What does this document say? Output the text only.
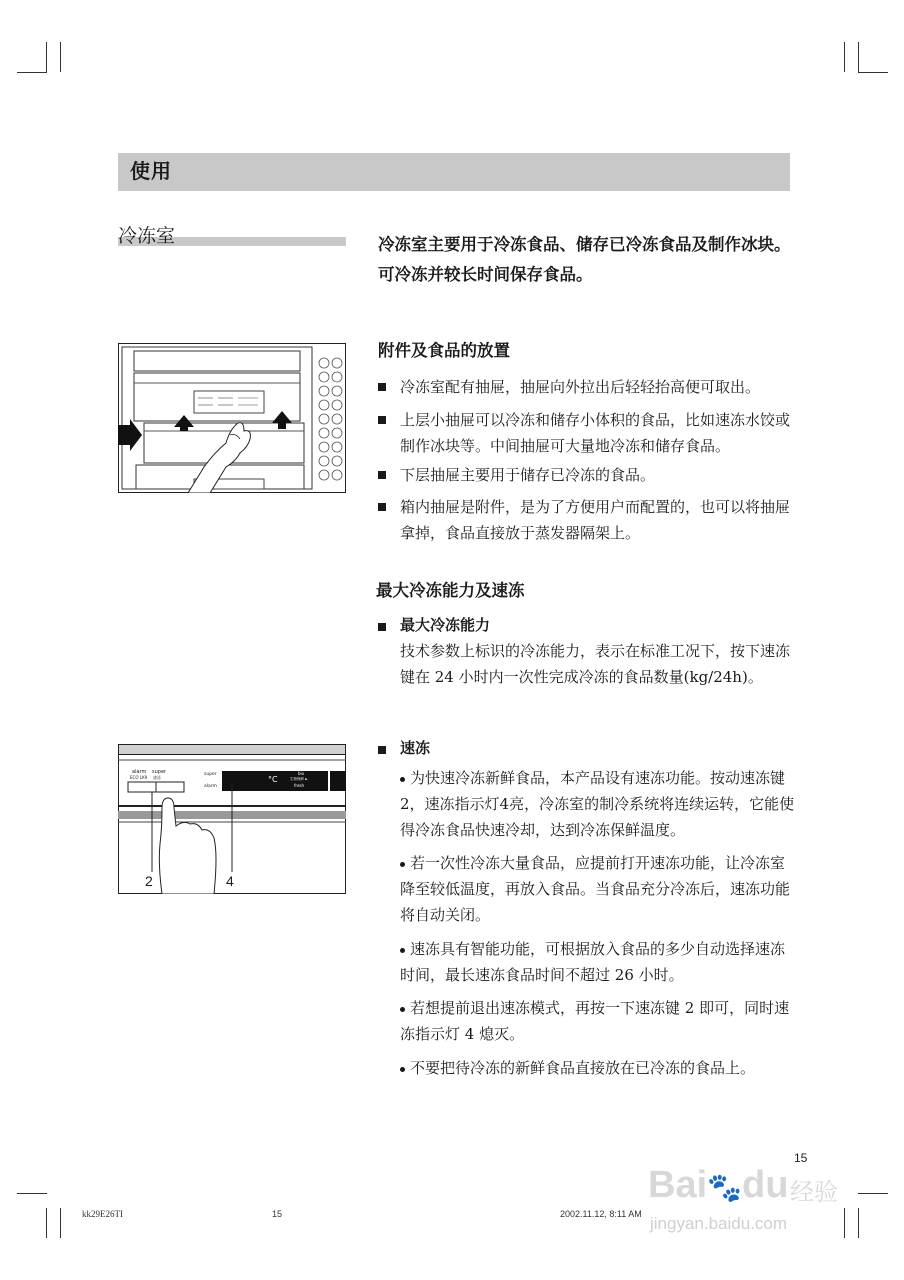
使用
冷冻室	冷冻室主要用于冷冻食品、储存已冷冻食品及制作冰块。可冷冻并较长时间保存食品。
附件及食品的放置
冷冻室配有抽屉，抽屉向外拉出后轻轻抬高便可取出。
上层小抽屉可以冷冻和储存小体积的食品，比如速冻水饺或制作冰块等。中间抽屉可大量地冷冻和储存食品。
下层抽屉主要用于储存已冷冻的食品。
箱内抽屉是附件，是为了方便用户而配置的，也可以将抽屉拿掉，食品直接放于蒸发器隔架上。
最大冷冻能力及速冻
最大冷冻能力
技术参数上标识的冷冻能力，表示在标准工况下，按下速冻键在 24 小时内一次性完成冷冻的食品数量(kg/24h)。
速冻
为快速冷冻新鲜食品，本产品设有速冻功能。按动速冻键2，速冻指示灯4亮，冷冻室的制冷系统将连续运转，它能使得冷冻食品快速冷却，达到冷冻保鲜温度。
若一次性冷冻大量食品，应提前打开速冻功能，让冷冻室降至较低温度，再放入食品。当食品充分冷冻后，速冻功能将自动关闭。
速冻具有智能功能，可根据放入食品的多少自动选择速冻时间，最长速冻食品时间不超过 26 小时。
若想提前退出速冻模式，再按一下速冻键 2 即可，同时速冻指示灯 4 熄灭。
不要把待冷冻的新鲜食品直接放在已冷冻的食品上。
alarm
ECO LK9
super
速冻
super
alarm
°C
bio
生物保鲜 ►
fresh
2	4
15
kk29E26TI	15	2002.11.12, 8:11 AM
Bai🐾du 经验
jingyan.baidu.com
